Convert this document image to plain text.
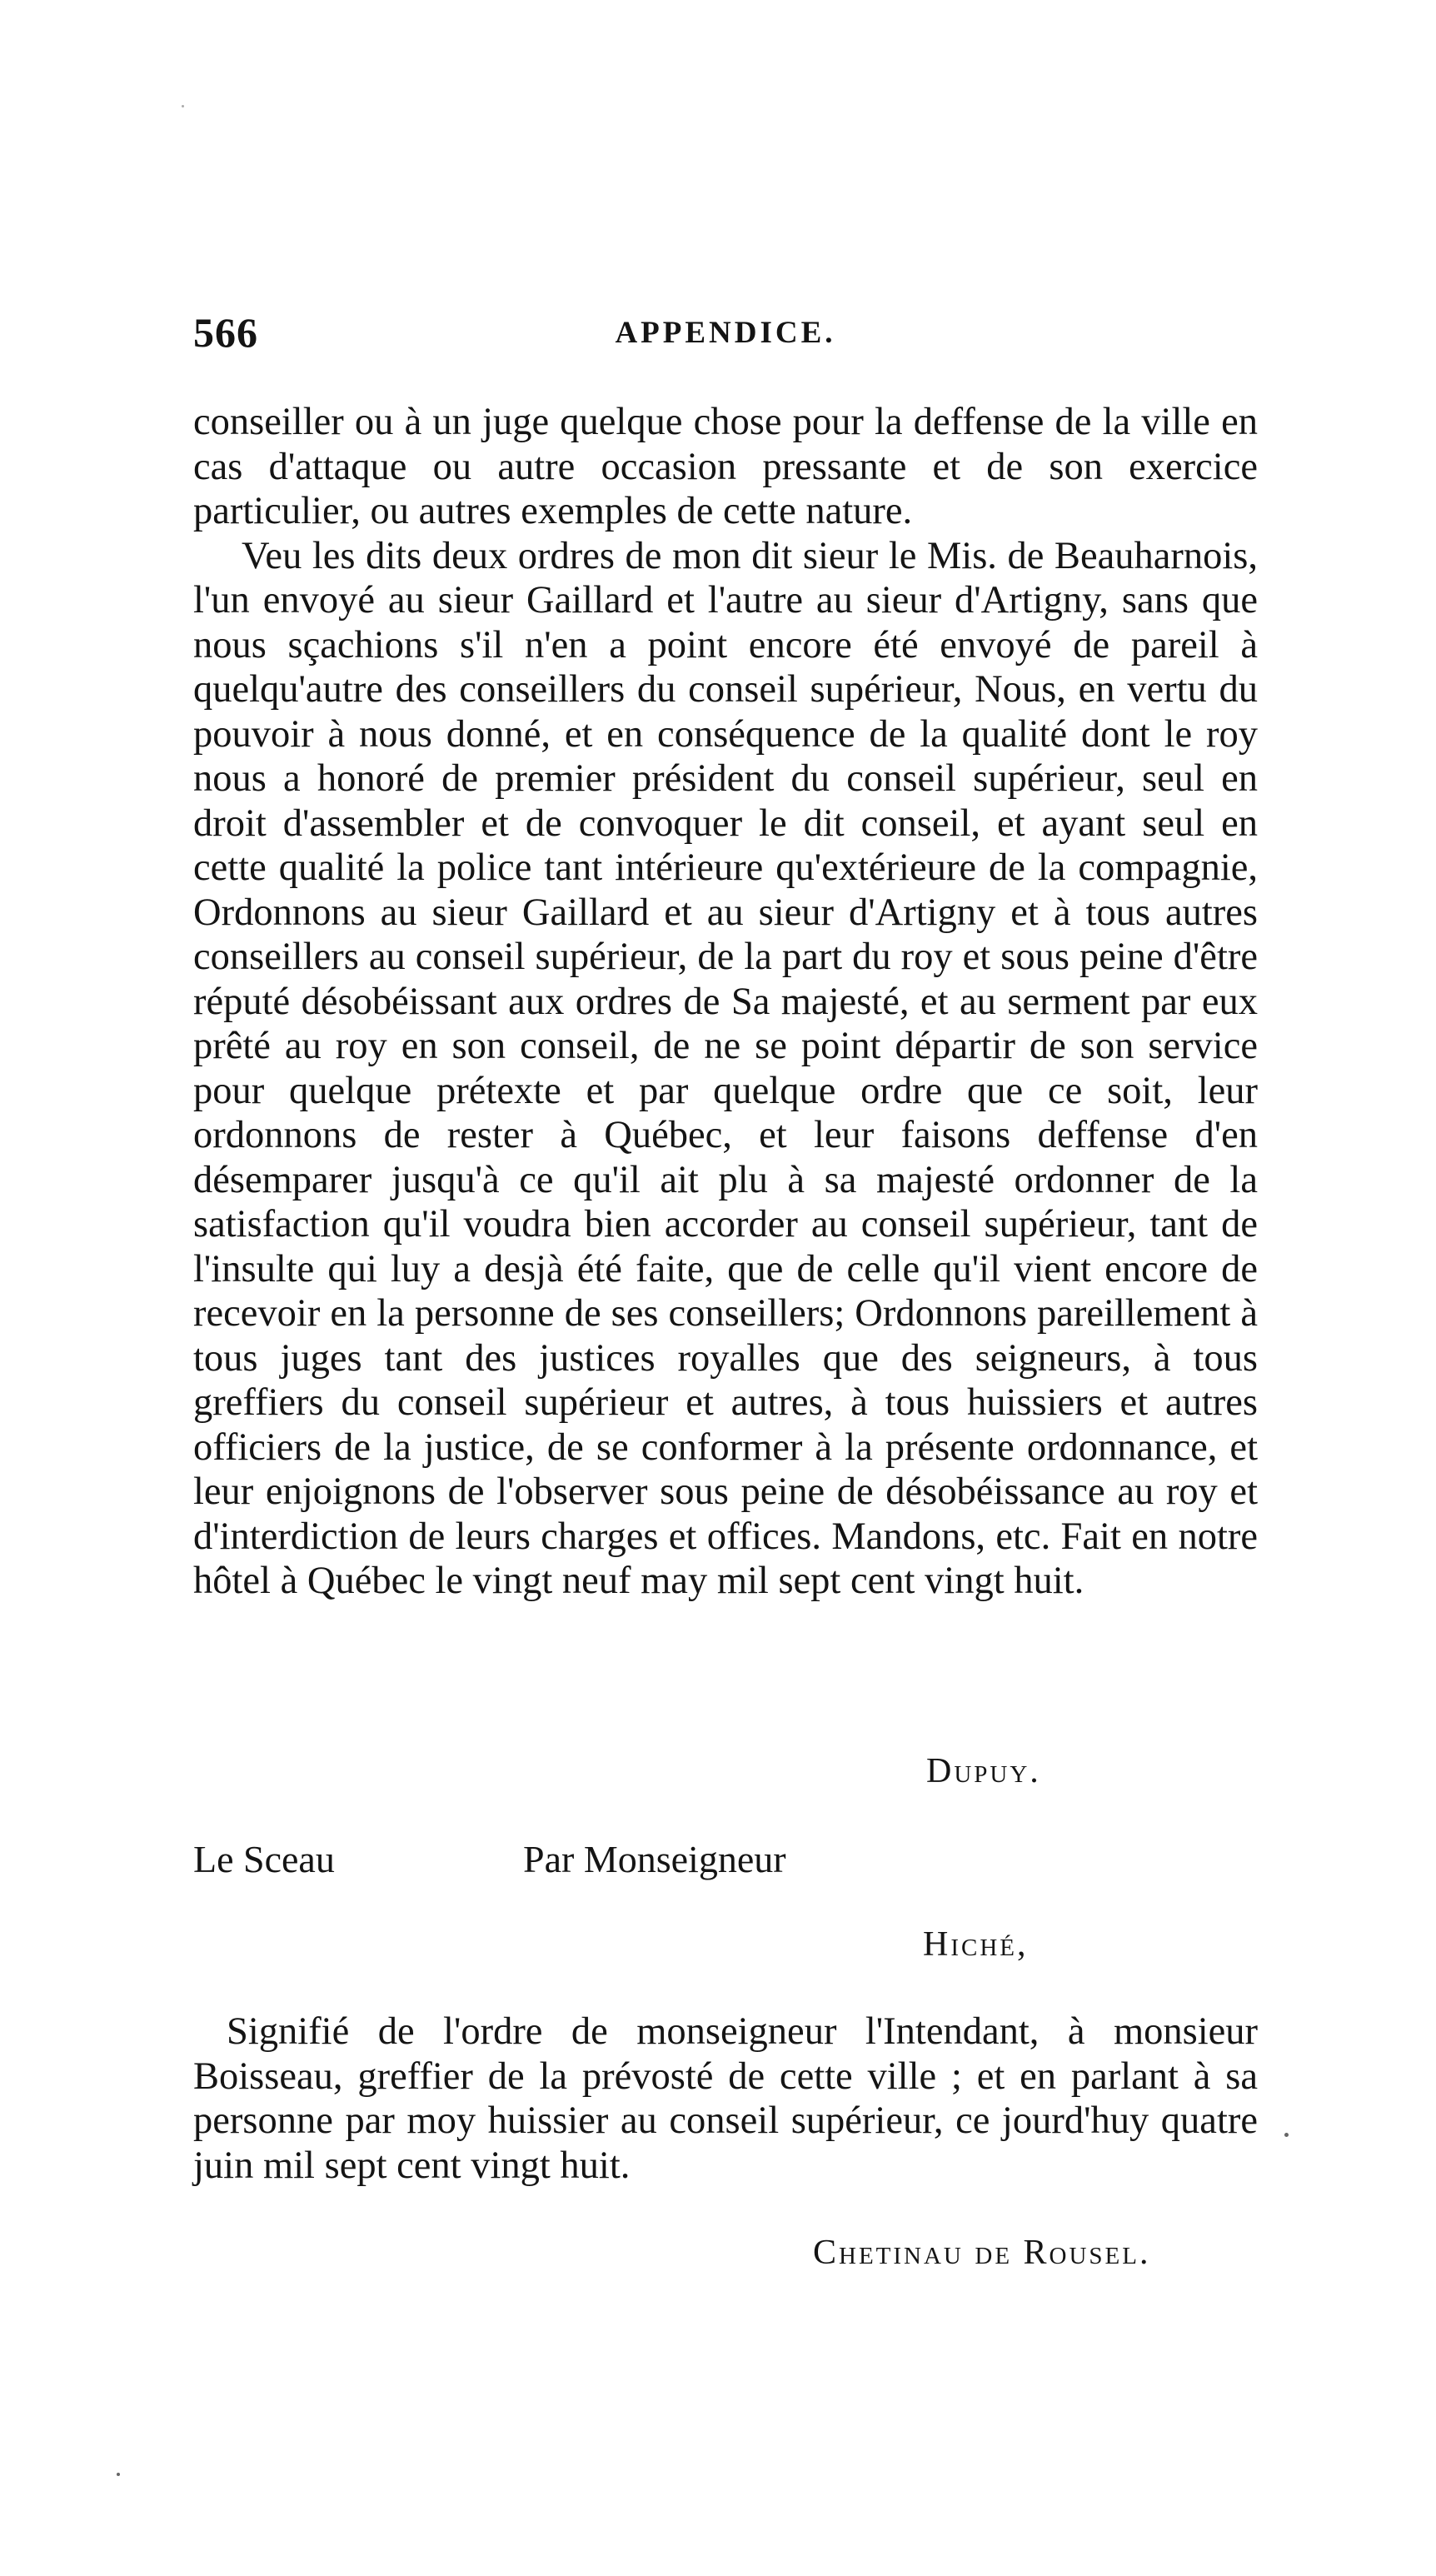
566	APPENDICE.

conseiller ou à un juge quelque chose pour la deffense de la ville en cas d'attaque ou autre occasion pressante et de son exercice particulier, ou autres exemples de cette nature.

Veu les dits deux ordres de mon dit sieur le Mis. de Beauharnois, l'un envoyé au sieur Gaillard et l'autre au sieur d'Artigny, sans que nous sçachions s'il n'en a point encore été envoyé de pareil à quelqu'autre des conseillers du conseil supérieur, Nous, en vertu du pouvoir à nous donné, et en conséquence de la qualité dont le roy nous a honoré de premier président du conseil supérieur, seul en droit d'assembler et de convoquer le dit conseil, et ayant seul en cette qualité la police tant intérieure qu'extérieure de la compagnie, Ordonnons au sieur Gaillard et au sieur d'Artigny et à tous autres conseillers au conseil supérieur, de la part du roy et sous peine d'être réputé désobéissant aux ordres de Sa majesté, et au serment par eux prêté au roy en son conseil, de ne se point départir de son service pour quelque prétexte et par quelque ordre que ce soit, leur ordonnons de rester à Québec, et leur faisons deffense d'en désemparer jusqu'à ce qu'il ait plu à sa majesté ordonner de la satisfaction qu'il voudra bien accorder au conseil supérieur, tant de l'insulte qui luy a desjà été faite, que de celle qu'il vient encore de recevoir en la personne de ses conseillers; Ordonnons pareillement à tous juges tant des justices royalles que des seigneurs, à tous greffiers du conseil supérieur et autres, à tous huissiers et autres officiers de la justice, de se conformer à la présente ordonnance, et leur enjoignons de l'observer sous peine de désobéissance au roy et d'interdiction de leurs charges et offices. Mandons, etc. Fait en notre hôtel à Québec le vingt neuf may mil sept cent vingt huit.

Dupuy.
Le Sceau	Par Monseigneur
Hiché,

Signifié de l'ordre de monseigneur l'Intendant, à monsieur Boisseau, greffier de la prévosté de cette ville ; et en parlant à sa personne par moy huissier au conseil supérieur, ce jourd'huy quatre juin mil sept cent vingt huit.

Chetinau de Rousel.
